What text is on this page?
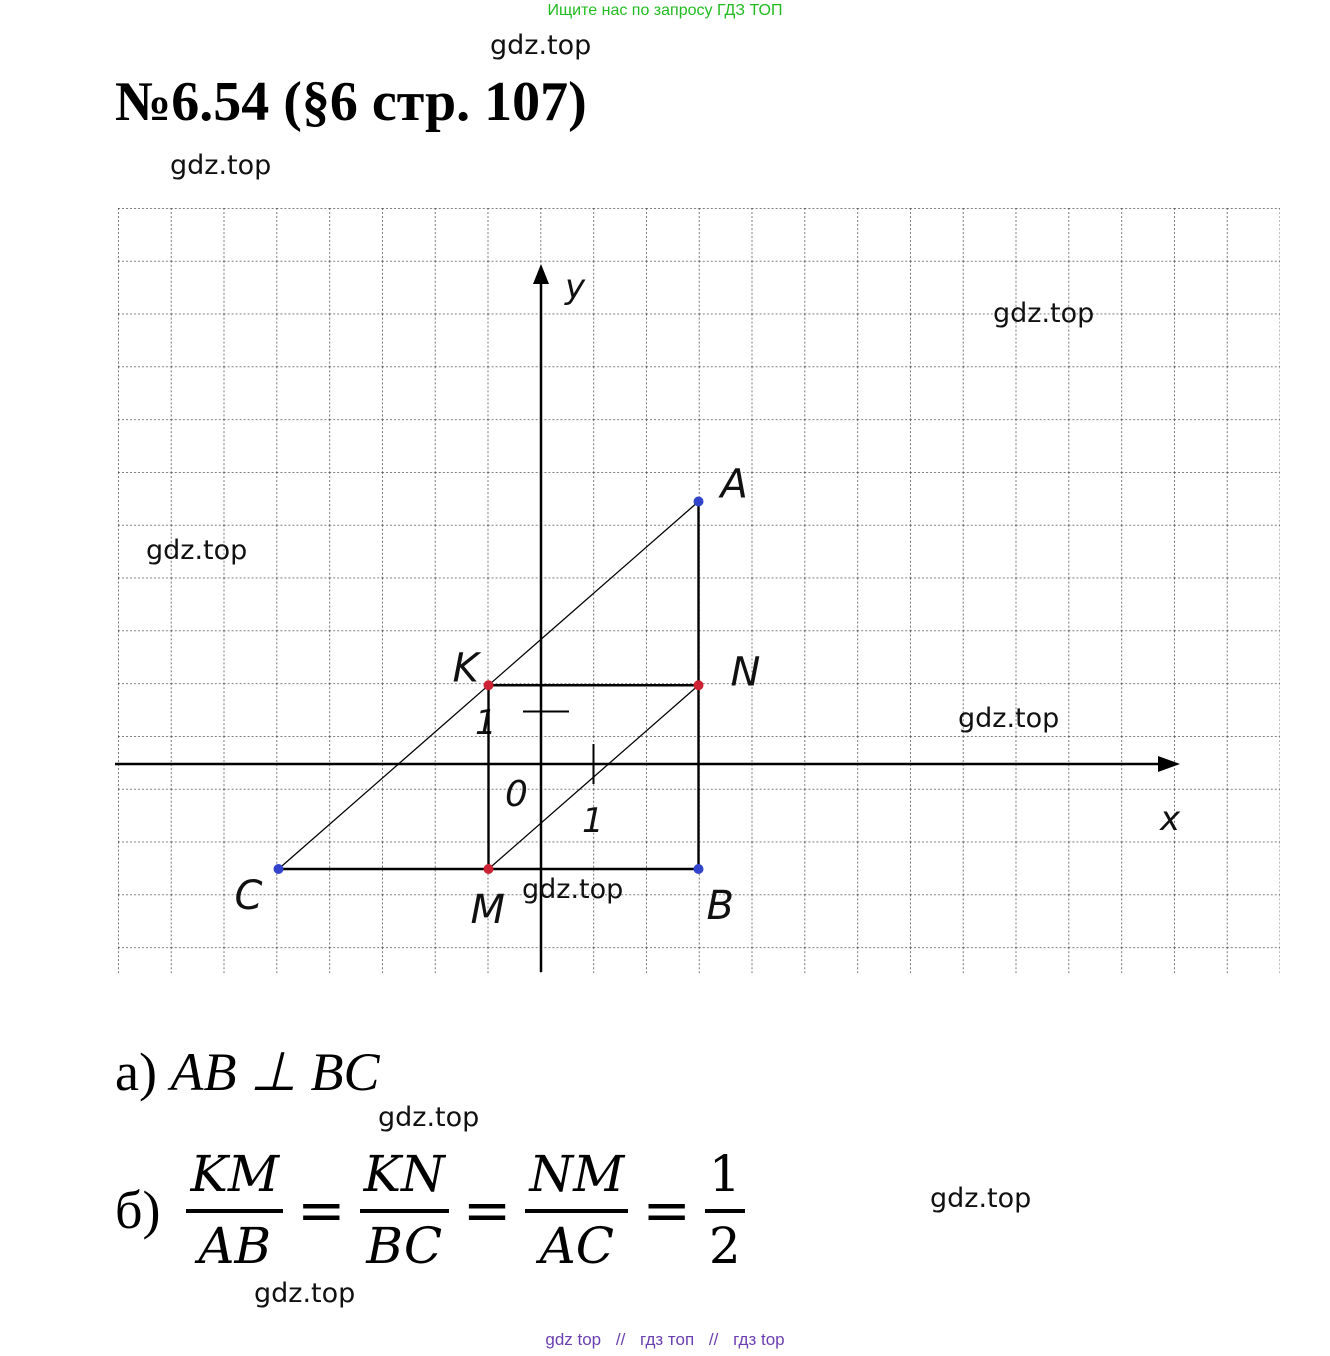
Ищите нас по запросу ГДЗ ТОП
№6.54 (§6 стр. 107)
x
y
0
1
1
A
B
C
K	N
M
gdz.top
gdz.top
gdz.top
gdz.top
gdz.top
gdz.top
gdz.top
gdz.top
gdz.top
а) AB ⊥ BC
$б) \frac{KM}{AB} = \frac{KN}{BC} = \frac{NM}{AC} = \frac{1}{2}$
gdz top // гдз топ // гдз top
